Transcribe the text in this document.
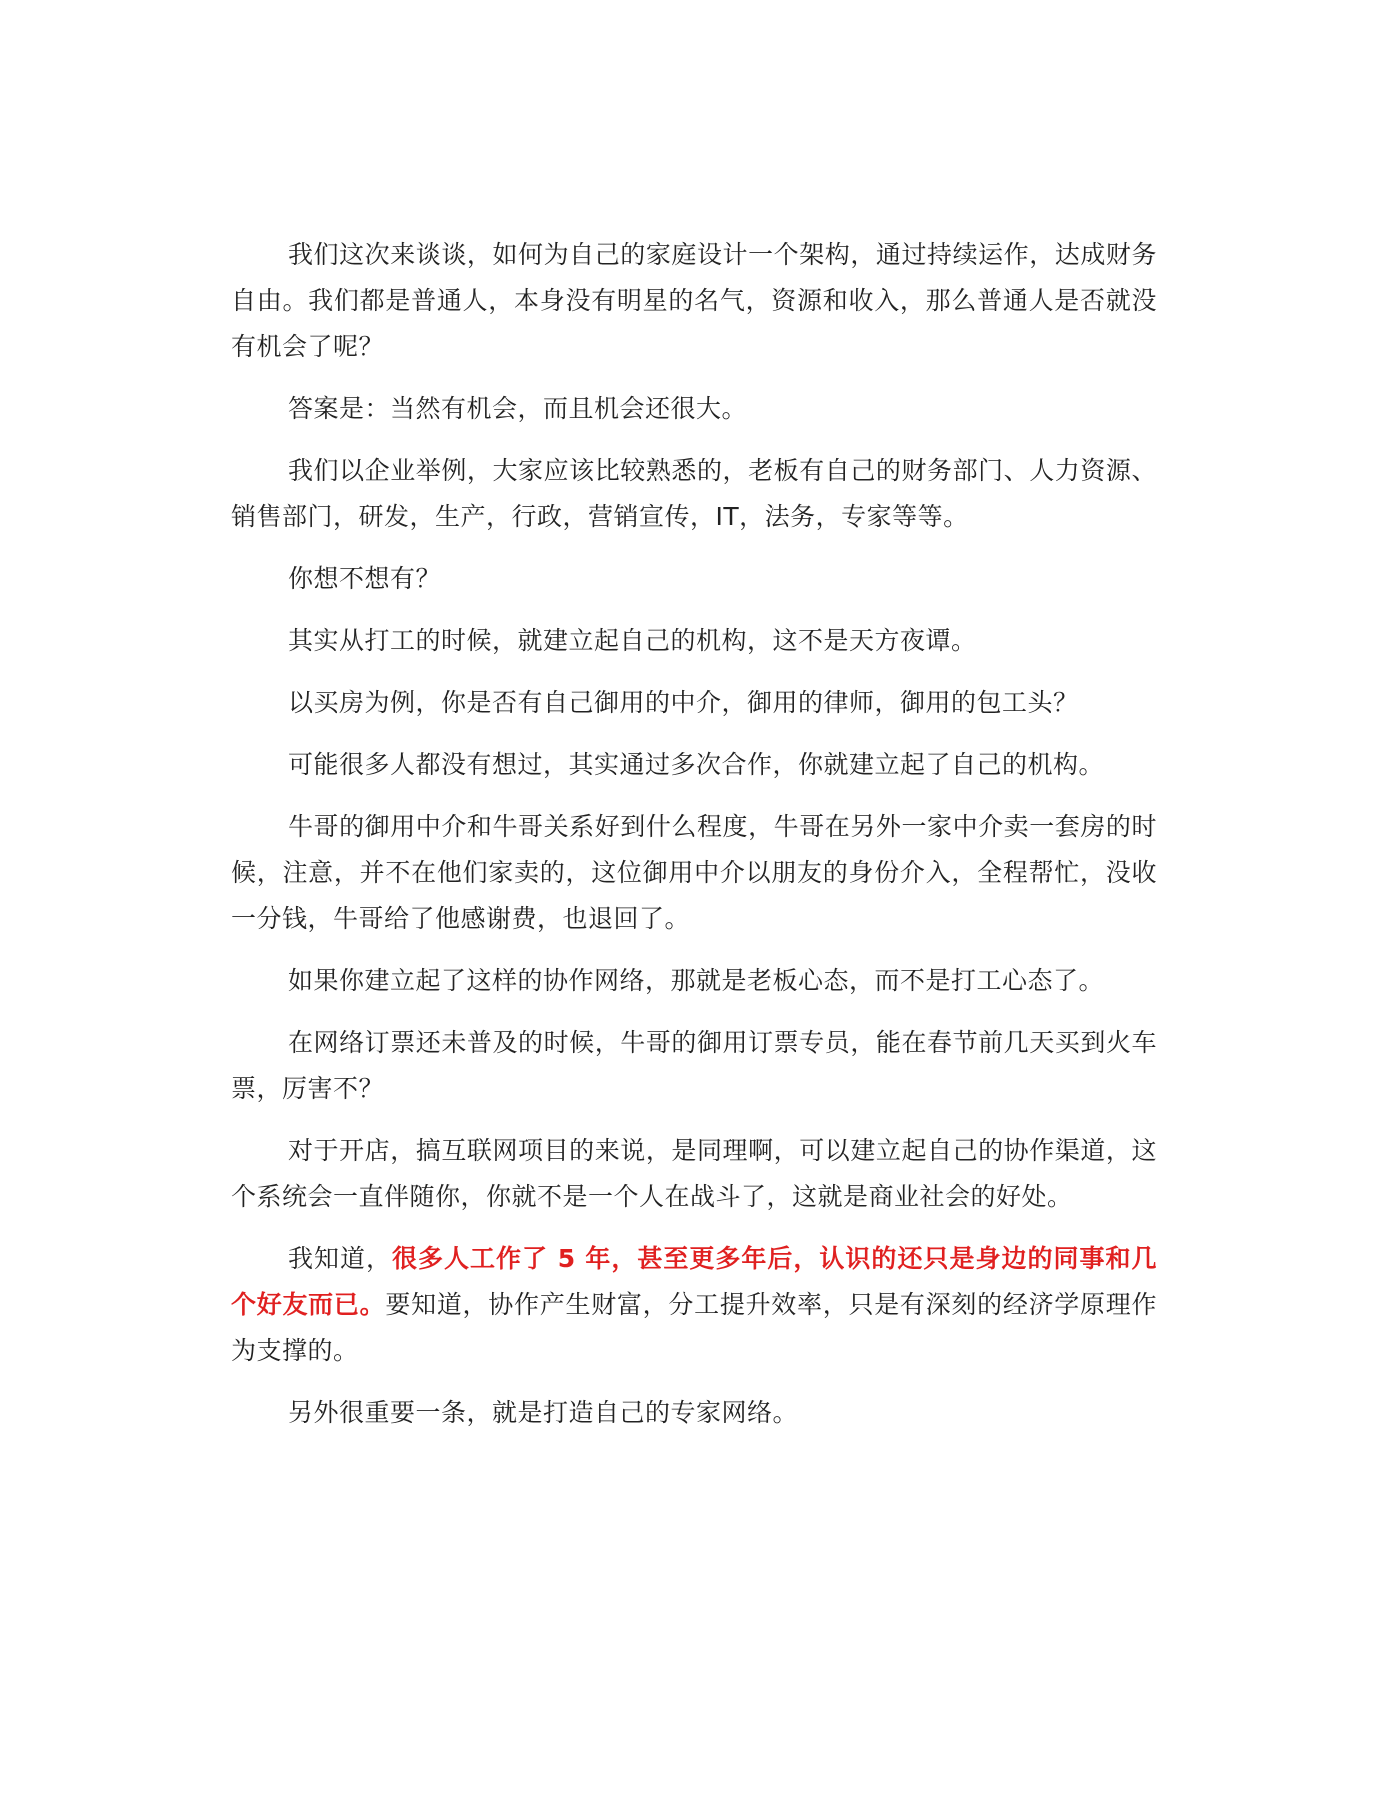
我们这次来谈谈，如何为自己的家庭设计一个架构，通过持续运作，达成财务自由。我们都是普通人，本身没有明星的名气，资源和收入，那么普通人是否就没有机会了呢？

答案是：当然有机会，而且机会还很大。

我们以企业举例，大家应该比较熟悉的，老板有自己的财务部门、人力资源、销售部门，研发，生产，行政，营销宣传，IT，法务，专家等等。

你想不想有？

其实从打工的时候，就建立起自己的机构，这不是天方夜谭。

以买房为例，你是否有自己御用的中介，御用的律师，御用的包工头？

可能很多人都没有想过，其实通过多次合作，你就建立起了自己的机构。

牛哥的御用中介和牛哥关系好到什么程度，牛哥在另外一家中介卖一套房的时候，注意，并不在他们家卖的，这位御用中介以朋友的身份介入，全程帮忙，没收一分钱，牛哥给了他感谢费，也退回了。

如果你建立起了这样的协作网络，那就是老板心态，而不是打工心态了。

在网络订票还未普及的时候，牛哥的御用订票专员，能在春节前几天买到火车票，厉害不？

对于开店，搞互联网项目的来说，是同理啊，可以建立起自己的协作渠道，这个系统会一直伴随你，你就不是一个人在战斗了，这就是商业社会的好处。

我知道，很多人工作了 5 年，甚至更多年后，认识的还只是身边的同事和几个好友而已。要知道，协作产生财富，分工提升效率，只是有深刻的经济学原理作为支撑的。

另外很重要一条，就是打造自己的专家网络。
